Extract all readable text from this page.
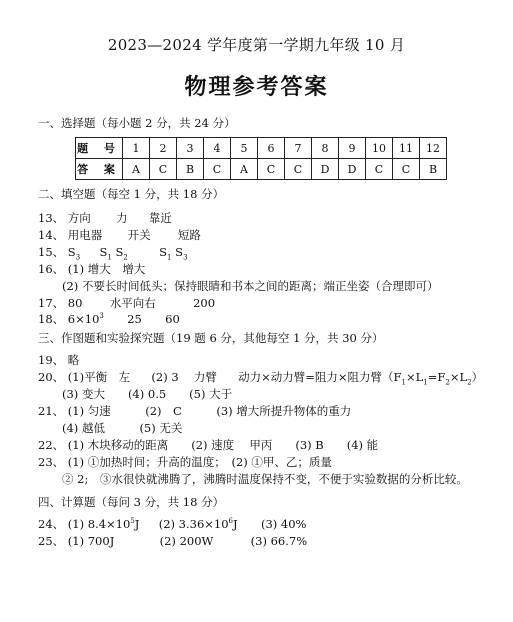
2023—2024 学年度第一学期九年级 10 月
物理参考答案
一、选择题（每小题 2 分，共 24 分）
题 号	1	2	3	4	5	6	7	8	9	10	11	12
答 案	A	C	B	C	A	C	C	D	D	C	C	B
二、填空题（每空 1 分，共 18 分）
13、 方向 力 靠近
14、 用电器 开关 短路
15、 $S_3$ $S_1$ $S_2$	$S_1$ $S_3$
16、 (1) 增大　增大
(2) 不要长时间低头；保持眼睛和书本之间的距离；端正坐姿（合理即可）
17、 80 水平向右	200
18、 $6\times 10^3$ 25 60
三、作图题和实验探究题（19 题 6 分，其他每空 1 分，共 30 分）
19、 略
20、 (1)平衡　左 (2) 3　 力臂 动力×动力臂=阻力×阻力臂$(F_1\times L_1=F_2\times L_2)$
(3) 变大　　(4) 0.5　　(5) 大于
21、 (1) 匀速　　　(2)　C　　　(3) 增大所提升物体的重力
(4) 越低　　　(5) 无关
22、 (1) 木块移动的距离　　(2) 速度　 甲丙　　(3) B　　(4) 能
23、 (1) ①加热时间；升高的温度；　(2) ①甲、乙；质量
② 2;　③水很快就沸腾了，沸腾时温度保持不变，不便于实验数据的分析比较。
四、计算题（每问 3 分，共 18 分）
24、 (1) $8.4\times 10^5J$ (2) $3.36\times 10^6J$ (3) 40%
25、 (1) 700J	(2) 200W	(3) 66.7%
